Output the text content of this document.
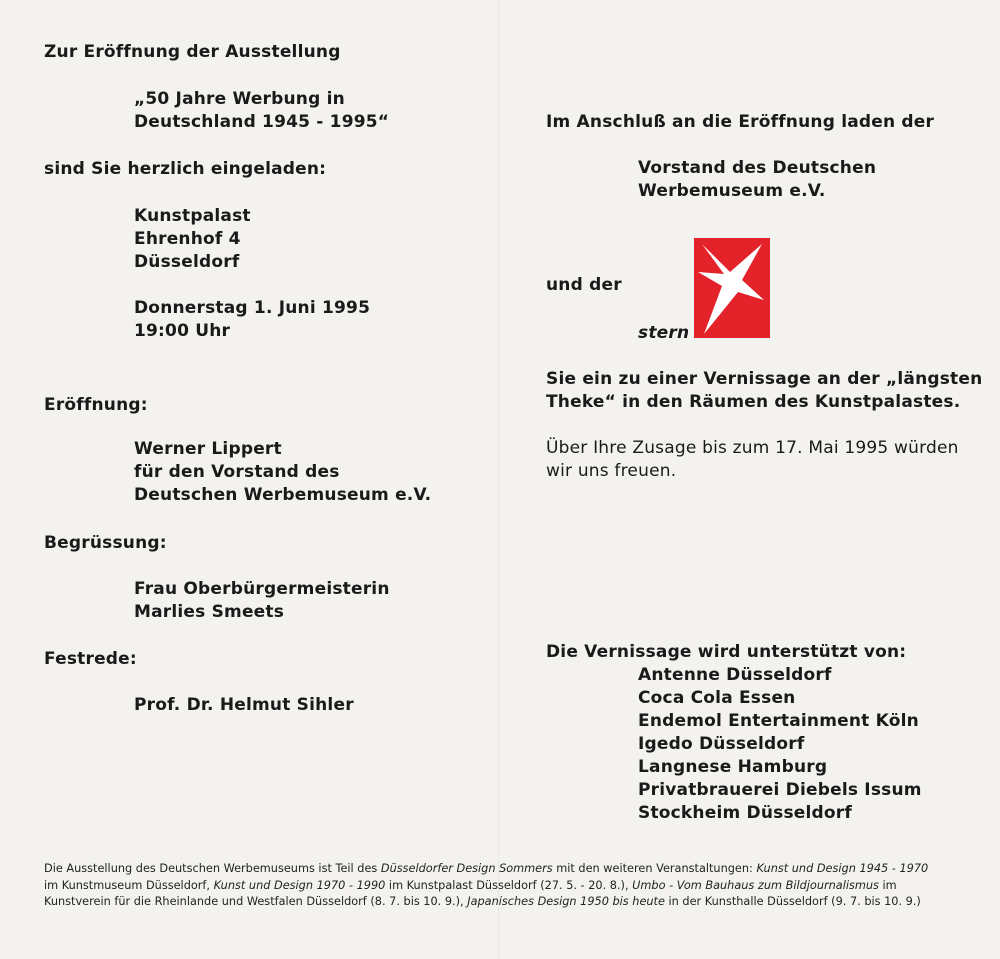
Zur Eröffnung der Ausstellung
„50 Jahre Werbung in
Deutschland 1945 - 1995“
sind Sie herzlich eingeladen:
Kunstpalast
Ehrenhof 4
Düsseldorf
Donnerstag 1. Juni 1995
19:00 Uhr
Eröffnung:
Werner Lippert
für den Vorstand des
Deutschen Werbemuseum e.V.
Begrüssung:
Frau Oberbürgermeisterin
Marlies Smeets
Festrede:
Prof. Dr. Helmut Sihler
Im Anschluß an die Eröffnung laden der
Vorstand des Deutschen
Werbemuseum e.V.
und der
stern
Sie ein zu einer Vernissage an der „längsten
Theke“ in den Räumen des Kunstpalastes.
Über Ihre Zusage bis zum 17. Mai 1995 würden
wir uns freuen.
Die Vernissage wird unterstützt von:
Antenne Düsseldorf
Coca Cola Essen
Endemol Entertainment Köln
Igedo Düsseldorf
Langnese Hamburg
Privatbrauerei Diebels Issum
Stockheim Düsseldorf
Die Ausstellung des Deutschen Werbemuseums ist Teil des Düsseldorfer Design Sommers mit den weiteren Veranstaltungen: Kunst und Design 1945 - 1970
im Kunstmuseum Düsseldorf, Kunst und Design 1970 - 1990 im Kunstpalast Düsseldorf (27. 5. - 20. 8.), Umbo - Vom Bauhaus zum Bildjournalismus im
Kunstverein für die Rheinlande und Westfalen Düsseldorf (8. 7. bis 10. 9.), Japanisches Design 1950 bis heute in der Kunsthalle Düsseldorf (9. 7. bis 10. 9.)
